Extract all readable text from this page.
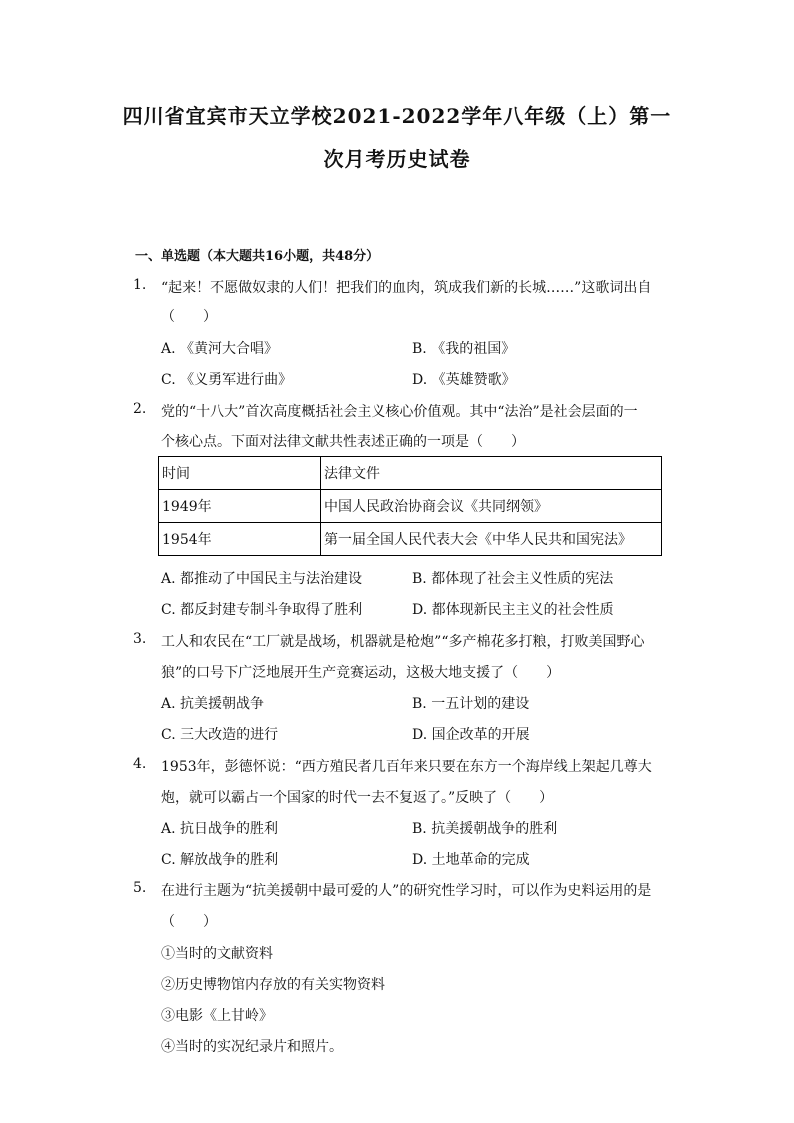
四川省宜宾市天立学校2021-2022学年八年级（上）第一
次月考历史试卷
一、单选题（本大题共16小题，共48分）
1. “起来！不愿做奴隶的人们！把我们的血肉，筑成我们新的长城……”这歌词出自
（　　）
A. 《黄河大合唱》	B. 《我的祖国》
C. 《义勇军进行曲》	D. 《英雄赞歌》
2. 党的“十八大”首次高度概括社会主义核心价值观。其中“法治”是社会层面的一
个核心点。下面对法律文献共性表述正确的一项是（　　）
时间	法律文件
1949年	中国人民政治协商会议《共同纲领》
1954年	第一届全国人民代表大会《中华人民共和国宪法》
A. 都推动了中国民主与法治建设	B. 都体现了社会主义性质的宪法
C. 都反封建专制斗争取得了胜利	D. 都体现新民主主义的社会性质
3. 工人和农民在“工厂就是战场，机器就是枪炮”“多产棉花多打粮，打败美国野心
狼”的口号下广泛地展开生产竞赛运动，这极大地支援了（　　）
A. 抗美援朝战争	B. 一五计划的建设
C. 三大改造的进行	D. 国企改革的开展
4. 1953年，彭德怀说：“西方殖民者几百年来只要在东方一个海岸线上架起几尊大
炮，就可以霸占一个国家的时代一去不复返了。”反映了（　　）
A. 抗日战争的胜利	B. 抗美援朝战争的胜利
C. 解放战争的胜利	D. 土地革命的完成
5. 在进行主题为“抗美援朝中最可爱的人”的研究性学习时，可以作为史料运用的是
（　　）
①当时的文献资料
②历史博物馆内存放的有关实物资料
③电影《上甘岭》
④当时的实况纪录片和照片。
